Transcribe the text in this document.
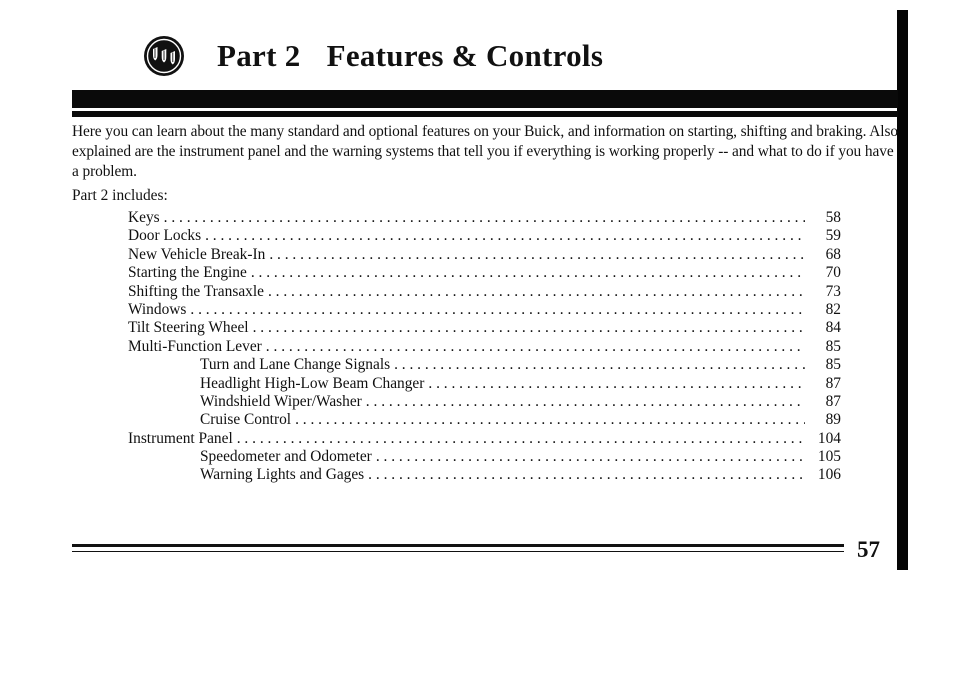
Part 2 Features & Controls

Here you can learn about the many standard and optional features on your Buick, and information on starting, shifting and braking. Also explained are the instrument panel and the warning systems that tell you if everything is working properly -- and what to do if you have a problem.

Part 2 includes:

Keys . . .	58
Door Locks . . .	59
New Vehicle Break-In . . .	68
Starting the Engine . . .	70
Shifting the Transaxle . . .	73
Windows . . .	82
Tilt Steering Wheel . . .	84
Multi-Function Lever . . .	85
Turn and Lane Change Signals . . .	85
Headlight High-Low Beam Changer . . .	87
Windshield Wiper/Washer . . .	87
Cruise Control . . .	89
Instrument Panel . . .	104
Speedometer and Odometer . . .	105
Warning Lights and Gages . . .	106
57
